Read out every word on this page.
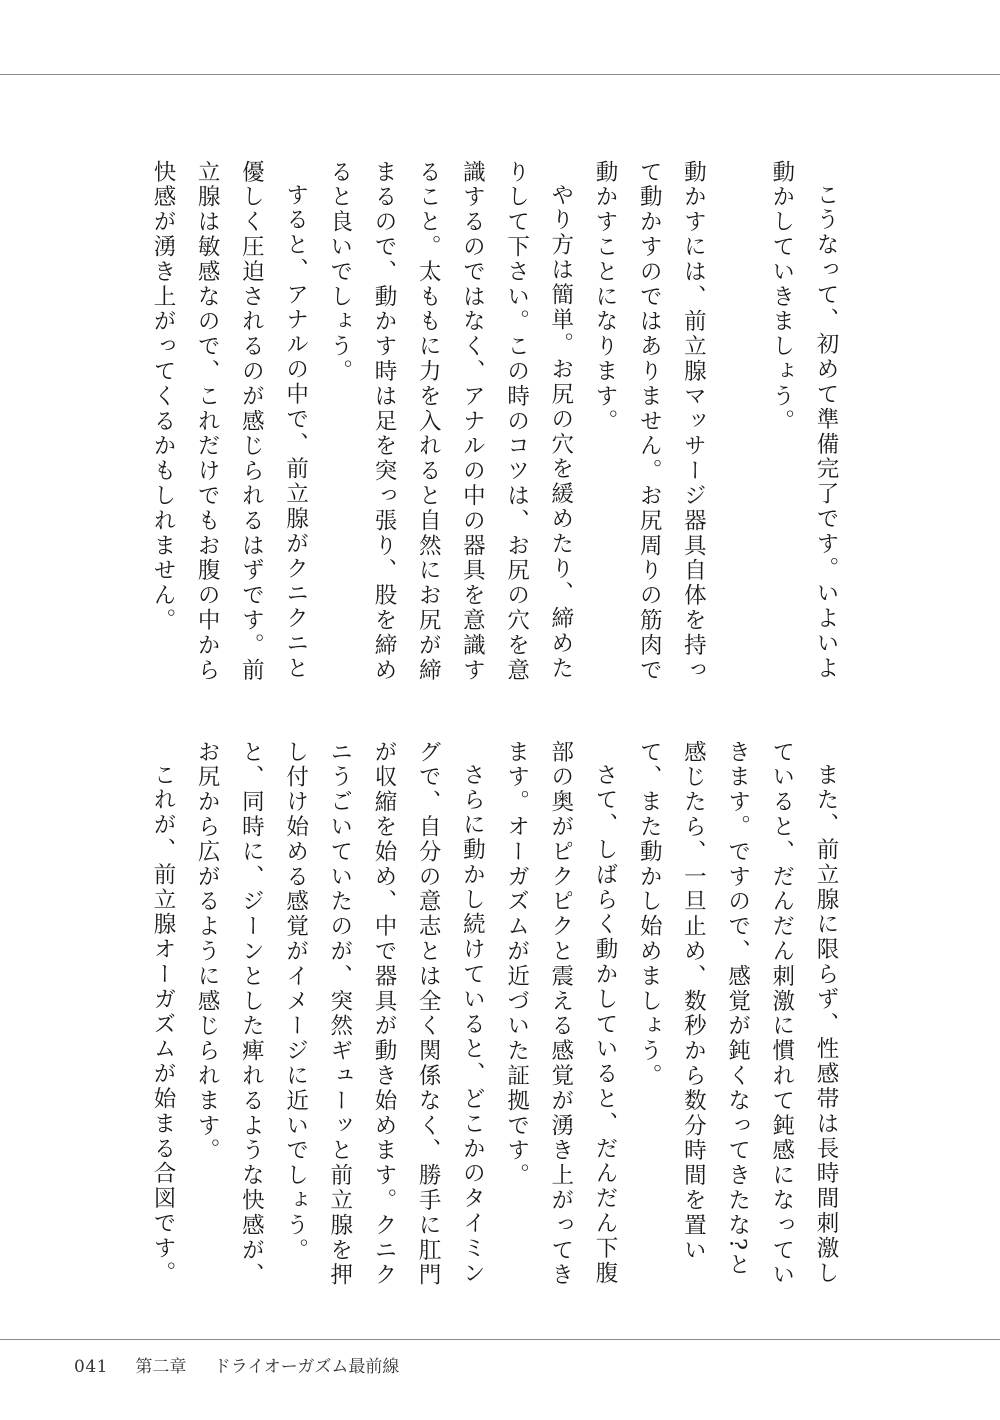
こうなって、初めて準備完了です。いよいよ動かしていきましょう。

動かすには、前立腺マッサージ器具自体を持って動かすのではありません。お尻周りの筋肉で動かすことになります。

やり方は簡単。お尻の穴を緩めたり、締めたりして下さい。この時のコツは、お尻の穴を意識するのではなく、アナルの中の器具を意識すること。太ももに力を入れると自然にお尻が締まるので、動かす時は足を突っ張り、股を締めると良いでしょう。

すると、アナルの中で、前立腺がクニクニと優しく圧迫されるのが感じられるはずです。前立腺は敏感なので、これだけでもお腹の中から快感が湧き上がってくるかもしれません。

また、前立腺に限らず、性感帯は長時間刺激していると、だんだん刺激に慣れて鈍感になっていきます。ですので、感覚が鈍くなってきたな?と感じたら、一旦止め、数秒から数分時間を置いて、また動かし始めましょう。

さて、しばらく動かしていると、だんだん下腹部の奥がピクピクと震える感覚が湧き上がってきます。オーガズムが近づいた証拠です。

さらに動かし続けていると、どこかのタイミングで、自分の意志とは全く関係なく、勝手に肛門が収縮を始め、中で器具が動き始めます。クニクニうごいていたのが、突然ギューッと前立腺を押し付け始める感覚がイメージに近いでしょう。と、同時に、ジーンとした痺れるような快感が、お尻から広がるように感じられます。

これが、前立腺オーガズムが始まる合図です。

041 第二章 ドライオーガズム最前線
